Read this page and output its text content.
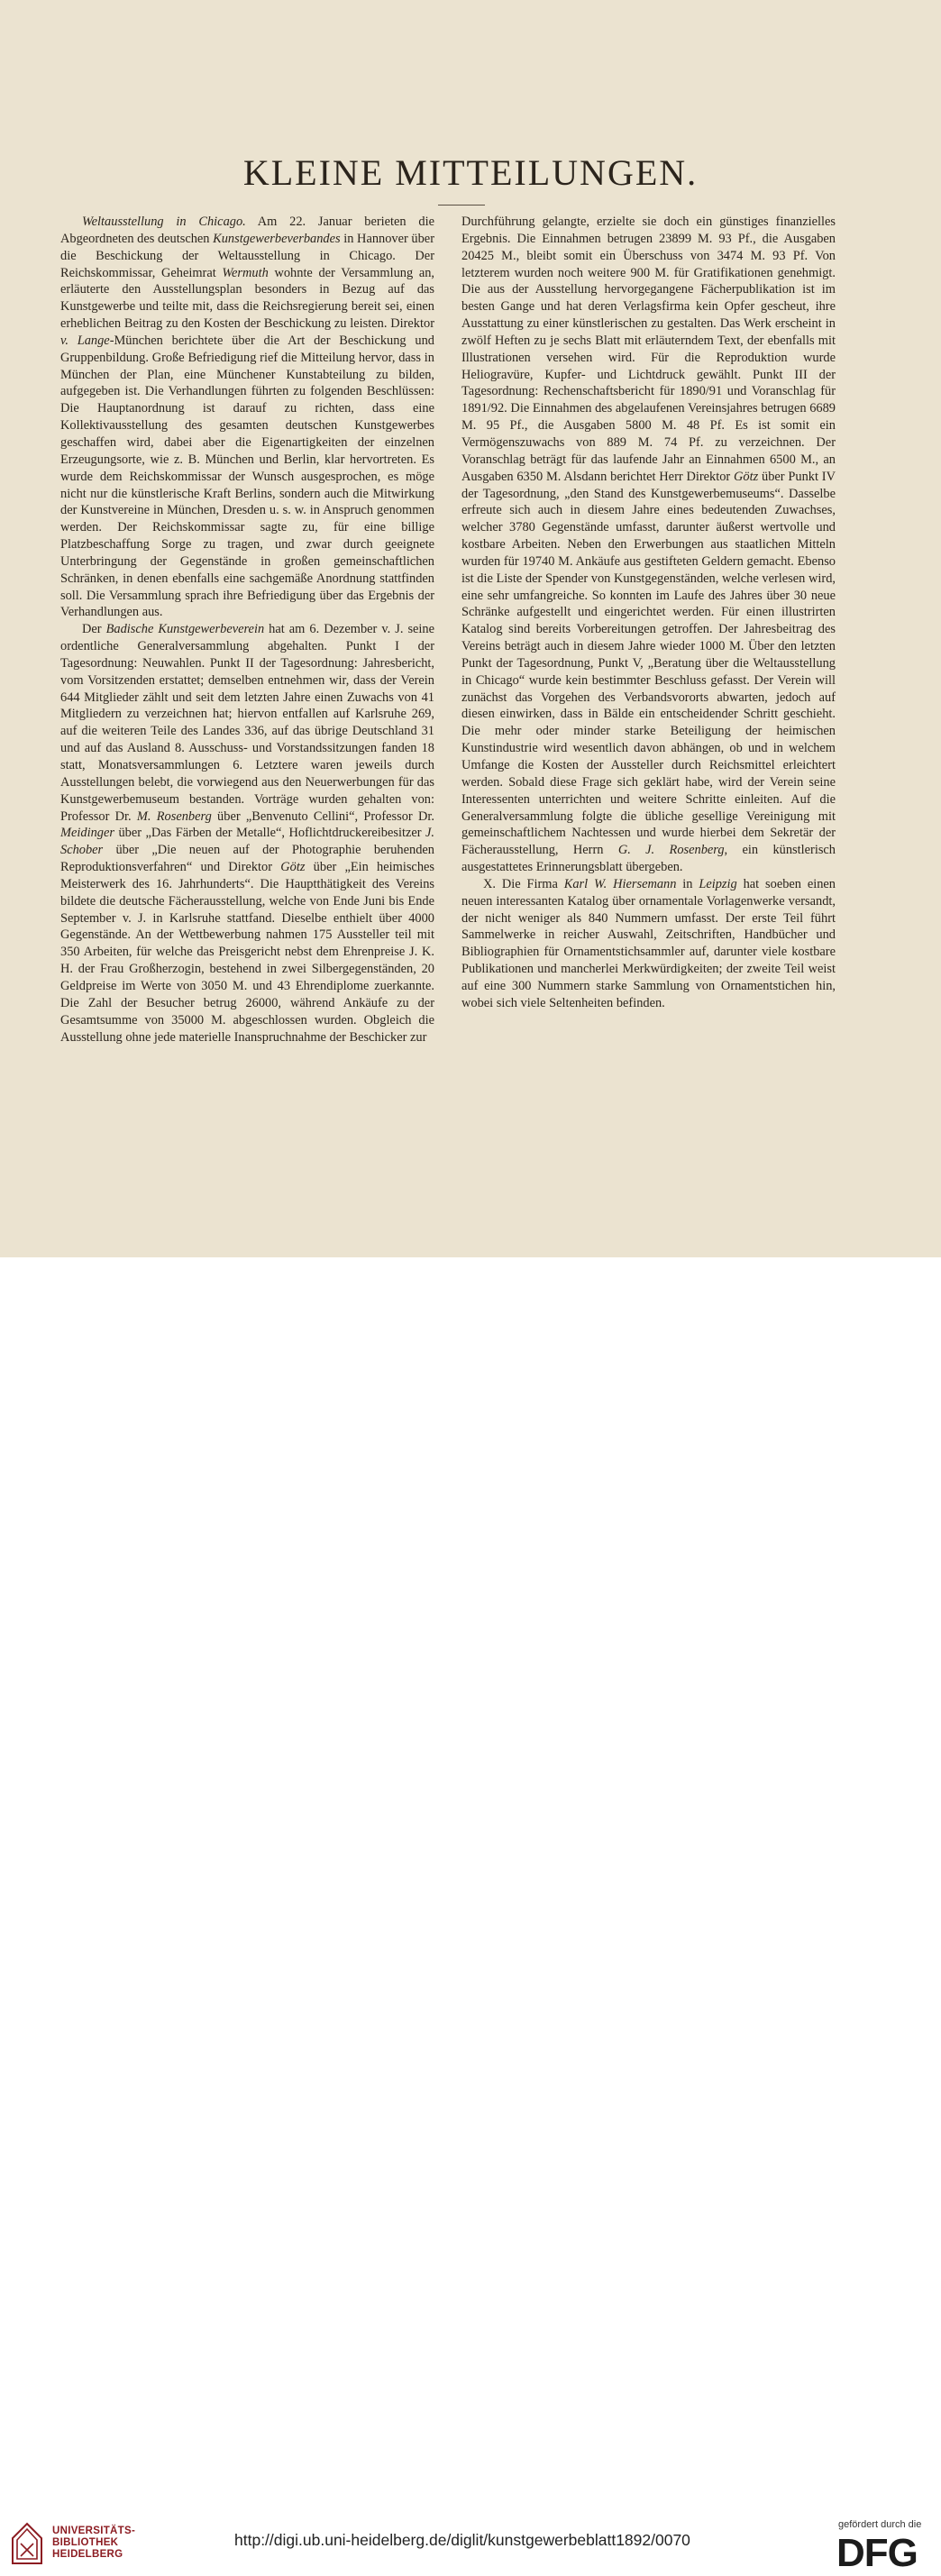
KLEINE MITTEILUNGEN.

Weltausstellung in Chicago. Am 22. Januar berieten die Abgeordneten des deutschen Kunstgewerbeverbandes in Hannover über die Beschickung der Weltausstellung in Chicago. Der Reichskommissar, Geheimrat Wermuth wohnte der Versammlung an, erläuterte den Ausstellungsplan besonders in Bezug auf das Kunstgewerbe und teilte mit, dass die Reichsregierung bereit sei, einen erheblichen Beitrag zu den Kosten der Beschickung zu leisten. Direktor v. Lange-München berichtete über die Art der Beschickung und Gruppenbildung. Große Befriedigung rief die Mitteilung hervor, dass in München der Plan, eine Münchener Kunstabteilung zu bilden, aufgegeben ist. Die Verhandlungen führten zu folgenden Beschlüssen: Die Hauptanordnung ist darauf zu richten, dass eine Kollektivausstellung des gesamten deutschen Kunstgewerbes geschaffen wird, dabei aber die Eigenartigkeiten der einzelnen Erzeugungsorte, wie z. B. München und Berlin, klar hervortreten. Es wurde dem Reichskommissar der Wunsch ausgesprochen, es möge nicht nur die künstlerische Kraft Berlins, sondern auch die Mitwirkung der Kunstvereine in München, Dresden u. s. w. in Anspruch genommen werden. Der Reichskommissar sagte zu, für eine billige Platzbeschaffung Sorge zu tragen, und zwar durch geeignete Unterbringung der Gegenstände in großen gemeinschaftlichen Schränken, in denen ebenfalls eine sachgemäße Anordnung stattfinden soll. Die Versammlung sprach ihre Befriedigung über das Ergebnis der Verhandlungen aus.

Der Badische Kunstgewerbeverein hat am 6. Dezember v. J. seine ordentliche Generalversammlung abgehalten. Punkt I der Tagesordnung: Neuwahlen. Punkt II der Tagesordnung: Jahresbericht, vom Vorsitzenden erstattet; demselben entnehmen wir, dass der Verein 644 Mitglieder zählt und seit dem letzten Jahre einen Zuwachs von 41 Mitgliedern zu verzeichnen hat; hiervon entfallen auf Karlsruhe 269, auf die weiteren Teile des Landes 336, auf das übrige Deutschland 31 und auf das Ausland 8. Ausschuss- und Vorstandssitzungen fanden 18 statt, Monatsversammlungen 6. Letztere waren jeweils durch Ausstellungen belebt, die vorwiegend aus den Neuerwerbungen für das Kunstgewerbemuseum bestanden. Vorträge wurden gehalten von: Professor Dr. M. Rosenberg über „Benvenuto Cellini“, Professor Dr. Meidinger über „Das Färben der Metalle“, Hoflichtdruckereibesitzer J. Schober über „Die neuen auf der Photographie beruhenden Reproduktionsverfahren“ und Direktor Götz über „Ein heimisches Meisterwerk des 16. Jahrhunderts“. Die Hauptthätigkeit des Vereins bildete die deutsche Fächerausstellung, welche von Ende Juni bis Ende September v. J. in Karlsruhe stattfand. Dieselbe enthielt über 4000 Gegenstände. An der Wettbewerbung nahmen 175 Aussteller teil mit 350 Arbeiten, für welche das Preisgericht nebst dem Ehrenpreise J. K. H. der Frau Großherzogin, bestehend in zwei Silbergegenständen, 20 Geldpreise im Werte von 3050 M. und 43 Ehrendiplome zuerkannte. Die Zahl der Besucher betrug 26000, während Ankäufe zu der Gesamtsumme von 35000 M. abgeschlossen wurden. Obgleich die Ausstellung ohne jede materielle Inanspruchnahme der Beschicker zur

Durchführung gelangte, erzielte sie doch ein günstiges finanzielles Ergebnis. Die Einnahmen betrugen 23899 M. 93 Pf., die Ausgaben 20425 M., bleibt somit ein Überschuss von 3474 M. 93 Pf. Von letzterem wurden noch weitere 900 M. für Gratifikationen genehmigt. Die aus der Ausstellung hervorgegangene Fächerpublikation ist im besten Gange und hat deren Verlagsfirma kein Opfer gescheut, ihre Ausstattung zu einer künstlerischen zu gestalten. Das Werk erscheint in zwölf Heften zu je sechs Blatt mit erläuterndem Text, der ebenfalls mit Illustrationen versehen wird. Für die Reproduktion wurde Heliogravüre, Kupfer- und Lichtdruck gewählt. Punkt III der Tagesordnung: Rechenschaftsbericht für 1890/91 und Voranschlag für 1891/92. Die Einnahmen des abgelaufenen Vereinsjahres betrugen 6689 M. 95 Pf., die Ausgaben 5800 M. 48 Pf. Es ist somit ein Vermögenszuwachs von 889 M. 74 Pf. zu verzeichnen. Der Voranschlag beträgt für das laufende Jahr an Einnahmen 6500 M., an Ausgaben 6350 M. Alsdann berichtet Herr Direktor Götz über Punkt IV der Tagesordnung, „den Stand des Kunstgewerbemuseums“. Dasselbe erfreute sich auch in diesem Jahre eines bedeutenden Zuwachses, welcher 3780 Gegenstände umfasst, darunter äußerst wertvolle und kostbare Arbeiten. Neben den Erwerbungen aus staatlichen Mitteln wurden für 19740 M. Ankäufe aus gestifteten Geldern gemacht. Ebenso ist die Liste der Spender von Kunstgegenständen, welche verlesen wird, eine sehr umfangreiche. So konnten im Laufe des Jahres über 30 neue Schränke aufgestellt und eingerichtet werden. Für einen illustrirten Katalog sind bereits Vorbereitungen getroffen. Der Jahresbeitrag des Vereins beträgt auch in diesem Jahre wieder 1000 M. Über den letzten Punkt der Tagesordnung, Punkt V, „Beratung über die Weltausstellung in Chicago“ wurde kein bestimmter Beschluss gefasst. Der Verein will zunächst das Vorgehen des Verbandsvororts abwarten, jedoch auf diesen einwirken, dass in Bälde ein entscheidender Schritt geschieht. Die mehr oder minder starke Beteiligung der heimischen Kunstindustrie wird wesentlich davon abhängen, ob und in welchem Umfange die Kosten der Aussteller durch Reichsmittel erleichtert werden. Sobald diese Frage sich geklärt habe, wird der Verein seine Interessenten unterrichten und weitere Schritte einleiten. Auf die Generalversammlung folgte die übliche gesellige Vereinigung mit gemeinschaftlichem Nachtessen und wurde hierbei dem Sekretär der Fächerausstellung, Herrn G. J. Rosenberg, ein künstlerisch ausgestattetes Erinnerungsblatt übergeben.

X. Die Firma Karl W. Hiersemann in Leipzig hat soeben einen neuen interessanten Katalog über ornamentale Vorlagenwerke versandt, der nicht weniger als 840 Nummern umfasst. Der erste Teil führt Sammelwerke in reicher Auswahl, Zeitschriften, Handbücher und Bibliographien für Ornamentstichsammler auf, darunter viele kostbare Publikationen und mancherlei Merkwürdigkeiten; der zweite Teil weist auf eine 300 Nummern starke Sammlung von Ornamentstichen hin, wobei sich viele Seltenheiten befinden.

UNIVERSITÄTS-
BIBLIOTHEK
HEIDELBERG
http://digi.ub.uni-heidelberg.de/diglit/kunstgewerbeblatt1892/0070
gefördert durch die
DFG
